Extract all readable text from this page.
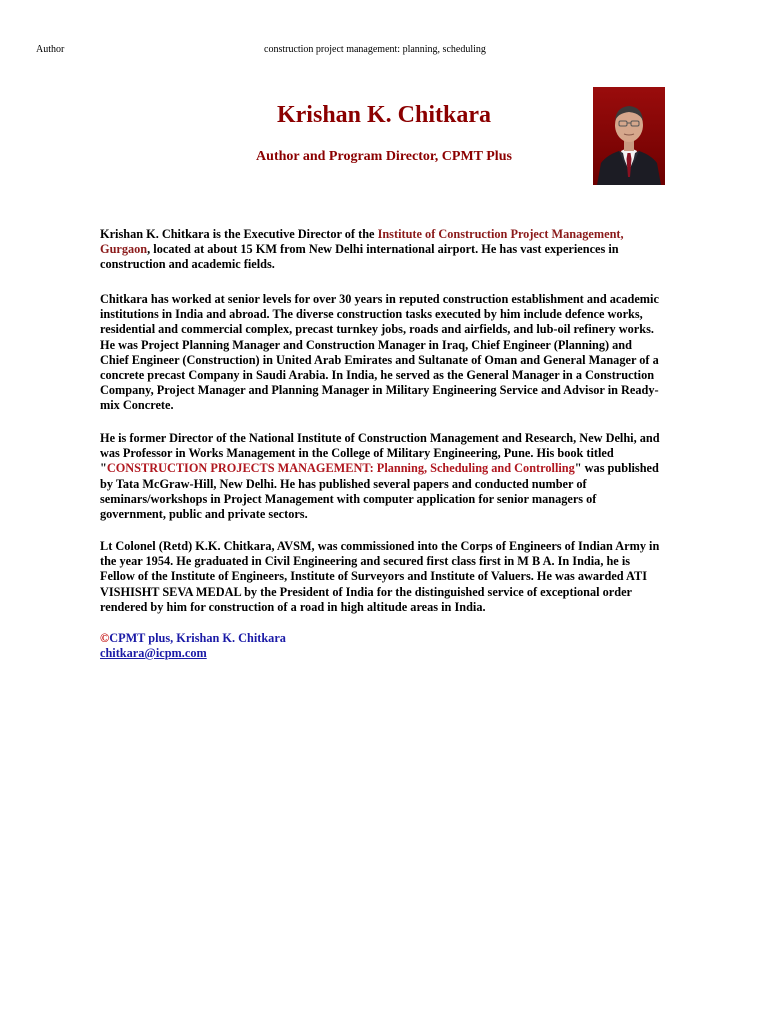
Author	construction project management: planning, scheduling
Krishan K. Chitkara
Author and Program Director, CPMT Plus

Krishan K. Chitkara is the Executive Director of the Institute of Construction Project Management, Gurgaon, located at about 15 KM from New Delhi international airport. He has vast experiences in construction and academic fields.

Chitkara has worked at senior levels for over 30 years in reputed construction establishment and academic institutions in India and abroad. The diverse construction tasks executed by him include defence works, residential and commercial complex, precast turnkey jobs, roads and airfields, and lub-oil refinery works. He was Project Planning Manager and Construction Manager in Iraq, Chief Engineer (Planning) and Chief Engineer (Construction) in United Arab Emirates and Sultanate of Oman and General Manager of a concrete precast Company in Saudi Arabia. In India, he served as the General Manager in a Construction Company, Project Manager and Planning Manager in Military Engineering Service and Advisor in Ready-mix Concrete.

He is former Director of the National Institute of Construction Management and Research, New Delhi, and was Professor in Works Management in the College of Military Engineering, Pune. His book titled "CONSTRUCTION PROJECTS MANAGEMENT: Planning, Scheduling and Controlling" was published by Tata McGraw-Hill, New Delhi. He has published several papers and conducted number of seminars/workshops in Project Management with computer application for senior managers of government, public and private sectors.

Lt Colonel (Retd) K.K. Chitkara, AVSM, was commissioned into the Corps of Engineers of Indian Army in the year 1954. He graduated in Civil Engineering and secured first class first in M B A. In India, he is Fellow of the Institute of Engineers, Institute of Surveyors and Institute of Valuers. He was awarded ATI VISHISHT SEVA MEDAL by the President of India for the distinguished service of exceptional order rendered by him for construction of a road in high altitude areas in India.

©CPMT plus, Krishan K. Chitkara

chitkara@icpm.com
